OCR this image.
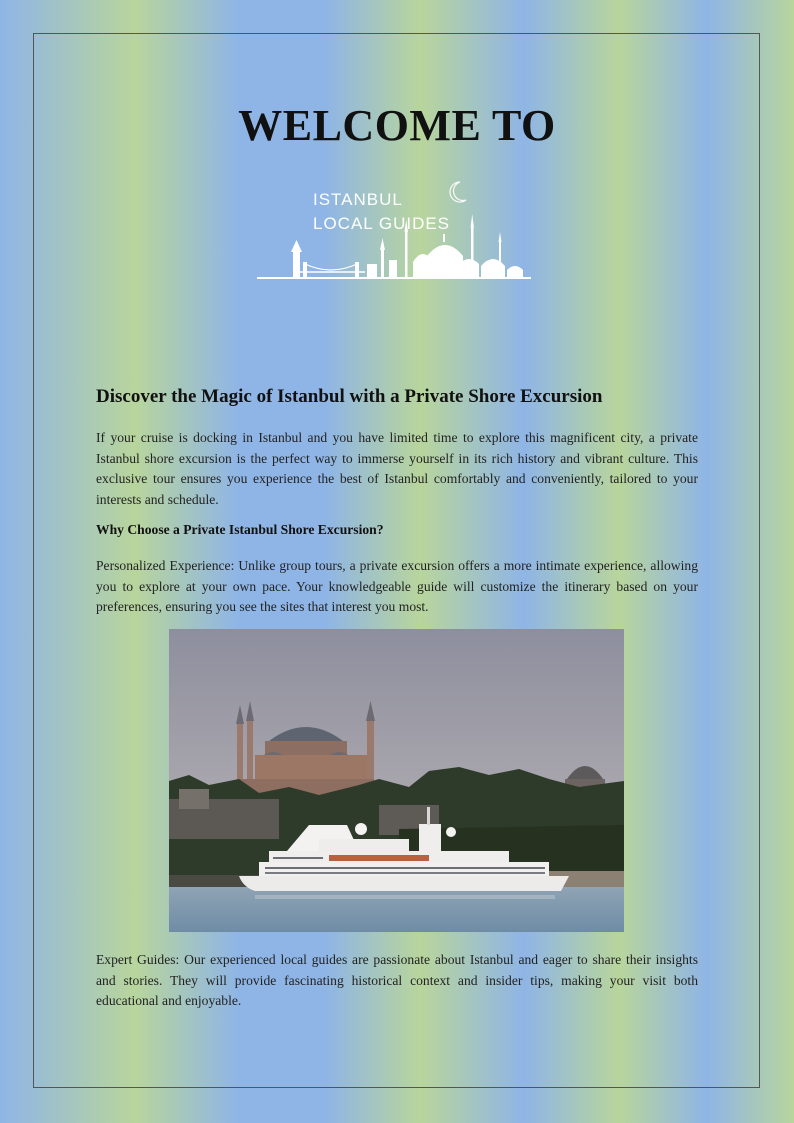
WELCOME TO
ISTANBUL
LOCAL GUIDES
Discover the Magic of Istanbul with a Private Shore Excursion

If your cruise is docking in Istanbul and you have limited time to explore this magnificent city, a private Istanbul shore excursion is the perfect way to immerse yourself in its rich history and vibrant culture. This exclusive tour ensures you experience the best of Istanbul comfortably and conveniently, tailored to your interests and schedule.

Why Choose a Private Istanbul Shore Excursion?

Personalized Experience: Unlike group tours, a private excursion offers a more intimate experience, allowing you to explore at your own pace. Your knowledgeable guide will customize the itinerary based on your preferences, ensuring you see the sites that interest you most.

Expert Guides: Our experienced local guides are passionate about Istanbul and eager to share their insights and stories. They will provide fascinating historical context and insider tips, making your visit both educational and enjoyable.
